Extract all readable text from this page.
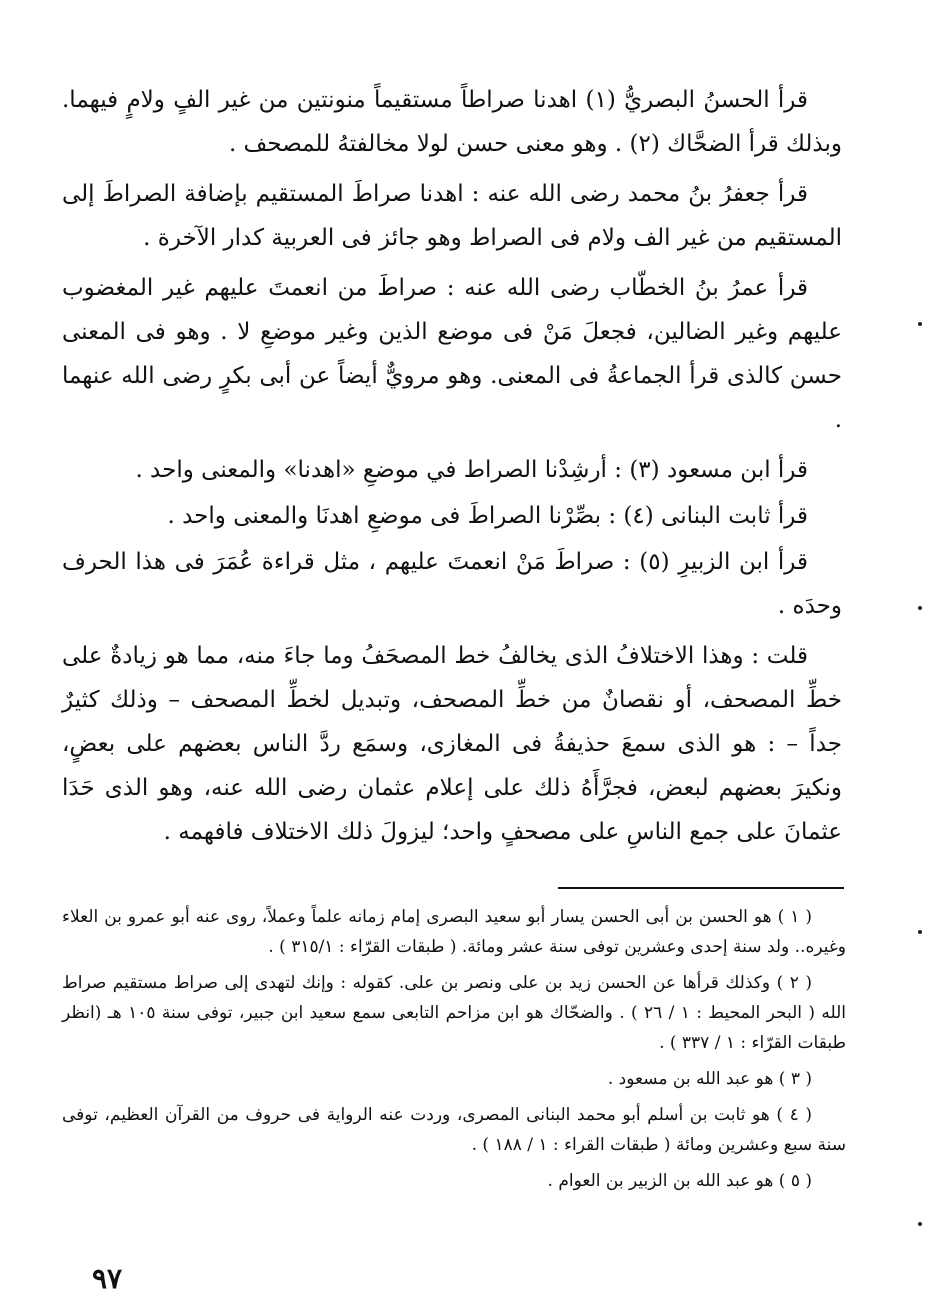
قرأ الحسنُ البصريُّ (١) اهدنا صراطاً مستقيماً منونتين من غير الفٍ ولامٍ فيهما. وبذلك قرأ الضحَّاك (٢) . وهو معنى حسن لولا مخالفتهُ للمصحف .

قرأ جعفرُ بنُ محمد رضى الله عنه : اهدنا صراطَ المستقيم بإضافة الصراطَ إلى المستقيم من غير الف ولام فى الصراط وهو جائز فى العربية كدار الآخرة .

قرأ عمرُ بنُ الخطّاب رضى الله عنه : صراطَ من انعمتَ عليهم غير المغضوب عليهم وغير الضالين، فجعلَ مَنْ فى موضع الذين وغير موضعِ لا . وهو فى المعنى حسن كالذى قرأ الجماعةُ فى المعنى. وهو مرويٌّ أيضاً عن أبى بكرٍ رضى الله عنهما .

قرأ ابن مسعود (٣) : أرشِدْنا الصراط في موضعِ «اهدنا» والمعنى واحد .

قرأ ثابت البنانى (٤) : بصِّرْنا الصراطَ فى موضعِ اهدنَا والمعنى واحد .

قرأ ابن الزبيرِ (٥) : صراطَ مَنْ انعمتَ عليهم ، مثل قراءة عُمَرَ فى هذا الحرف وحدَه .

قلت : وهذا الاختلافُ الذى يخالفُ خط المصحَفُ وما جاءَ منه، مما هو زيادةٌ على خطِّ المصحف، أو نقصانٌ من خطِّ المصحف، وتبديل لخطِّ المصحف – وذلك كثيرٌ جداً – : هو الذى سمعَ حذيفةُ فى المغازى، وسمَع ردَّ الناس بعضهم على بعضٍ، ونكيرَ بعضهم لبعض، فجرَّأَهُ ذلك على إعلام عثمان رضى الله عنه، وهو الذى حَدَا عثمانَ على جمع الناسِ على مصحفٍ واحد؛ ليزولَ ذلك الاختلاف فافهمه .

( ١ ) هو الحسن بن أبى الحسن يسار أبو سعيد البصرى إمام زمانه علماً وعملاً، روى عنه أبو عمرو بن العلاء وغيره.. ولد سنة إحدى وعشرين توفى سنة عشر ومائة. ( طبقات القرّاء : ٣١٥/١ ) .

( ٢ ) وكذلك قرأها عن الحسن زيد بن على ونصر بن على. كقوله : وإنك لتهدى إلى صراط مستقيم صراط الله ( البحر المحيط : ١ / ٢٦ ) . والضحّاك هو ابن مزاحم التابعى سمع سعيد ابن جبير، توفى سنة ١٠٥ هـ (انظر طبقات القرّاء : ١ / ٣٣٧ ) .

( ٣ ) هو عبد الله بن مسعود .

( ٤ ) هو ثابت بن أسلم أبو محمد البنانى المصرى، وردت عنه الرواية فى حروف من القرآن العظيم، توفى سنة سبع وعشرين ومائة ( طبقات القراء : ١ / ١٨٨ ) .

( ٥ ) هو عبد الله بن الزبير بن العوام .

٩٧
